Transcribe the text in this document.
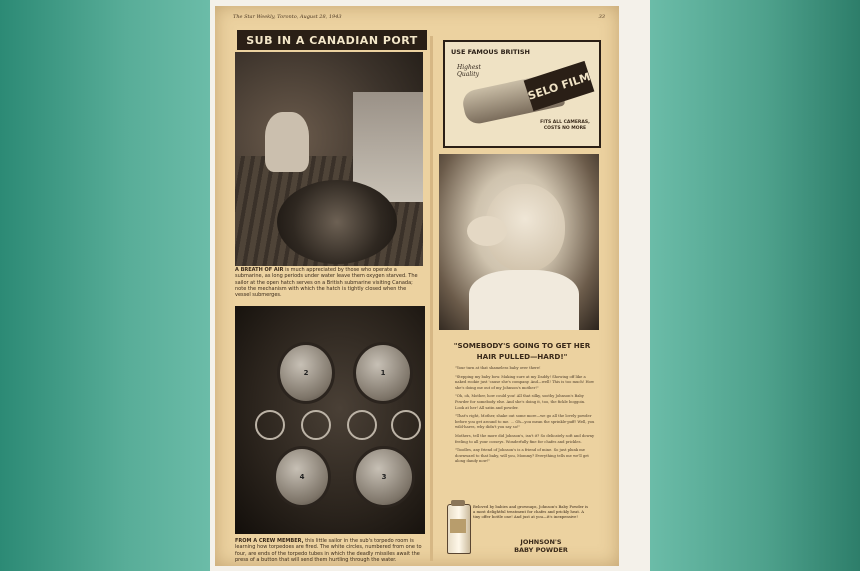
The Star Weekly, Toronto, August 28, 1943	33
SUB IN A CANADIAN PORT
A BREATH OF AIR is much appreciated by those who operate a submarine, as long periods under water leave them oxygen starved. The sailor at the open hatch serves on a British submarine visiting Canada; note the mechanism with which the hatch is tightly closed when the vessel submerges.
2	1
4	3
FROM A CREW MEMBER, this little sailor in the sub's torpedo room is learning how torpedoes are fired. The white circles, numbered from one to four, are ends of the torpedo tubes in which the deadly missiles await the press of a button that will send them hurtling through the water.
USE FAMOUS BRITISH
Highest Quality
SELO
FILM
FITS ALL CAMERAS, COSTS NO MORE
"SOMEBODY'S GOING TO GET HER HAIR PULLED—HARD!"

"Your turn at that shameless baby over there!

"Stepping my baby bow. Making sure at my Daddy! Showing off like a naked rookie just 'cause she's company. And—well! This is too much! How she's doing me out of my Johnson's mother!"

"Oh, oh, Mother, how could you! All that silky, soothy Johnson's Baby Powder for somebody else. And she's doing it, too, the fickle boggoin. Look at her! All satin and powder.

"That's right, Mother, shake out some more—we go all the lovely powder before you get around to me. ... Oh—you mean the sprinkle-puff! Well, you wild-hares, why didn't you say so!"

Mothers, tell the more did Johnson's, isn't it? So delicately soft and downy feeling to all your cosseys. Wonderfully fine for chafes and prickles.

"Toodles, any friend of Johnson's is a friend of mine. So just plunk me downward to that baby, will you, Mommy? Everything tells me we'll get along dandy now!"

Beloved by babies and grownups, Johnson's Baby Powder is a most delightful treatment for chafes and prickly heat. A tiny offer bottle one! And just at you—it's inexpensive!
JOHNSON'S
BABY POWDER
